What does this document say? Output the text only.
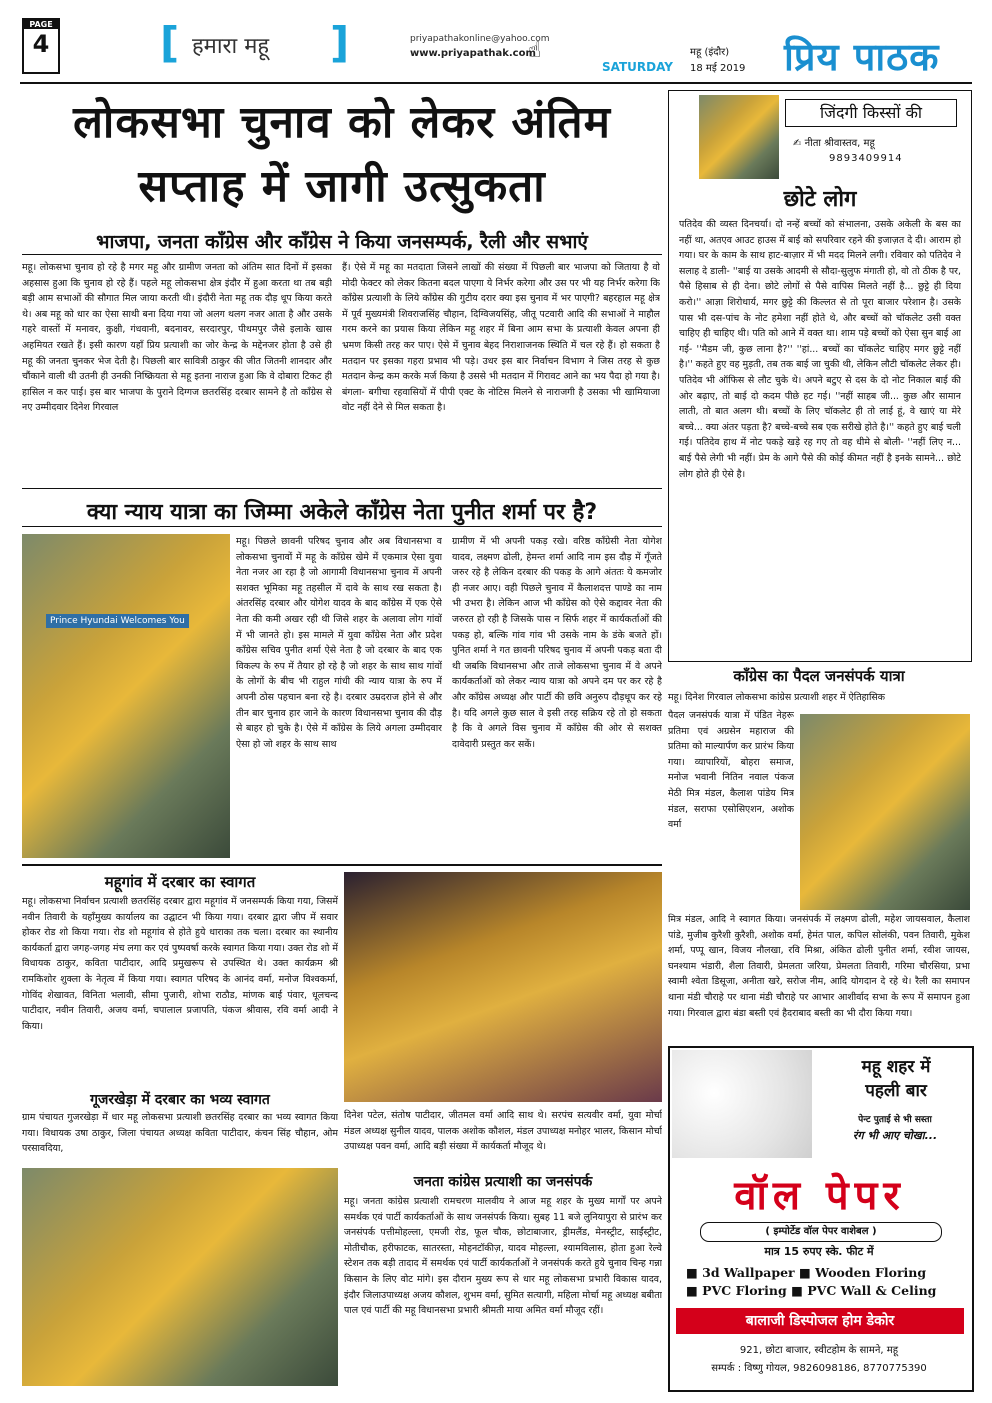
PAGE
4	[ हमारा महू ]	priyapathakonline@yahoo.com
www.priyapathak.com
☝
SATURDAY
महू (इंदौर)
18 मई 2019 प्रिय पाठक
लोकसभा चुनाव को लेकर अंतिम
सप्ताह में जागी उत्सुकता
भाजपा, जनता कॉंग्रेस और कॉंग्रेस ने किया जनसम्पर्क, रैली और सभाएं
महू। लोकसभा चुनाव हो रहे है मगर महू और ग्रामीण जनता को अंतिम सात दिनों में इसका अहसास हुआ कि चुनाव हो रहे हैं। पहले महू लोकसभा क्षेत्र इंदौर में हुआ करता था तब बड़ी बड़ी आम सभाओं की सौगात मिल जाया करती थी। इंदौरी नेता महू तक दौड़ धूप किया करते थे। अब महू को धार का ऐसा साथी बना दिया गया जो अलग थलग नजर आता है और उसके गहरे वास्तों में मनावर, कुक्षी, गंधवानी, बदनावर, सरदारपुर, पीथमपुर जैसे इलाके खास अहमियत रखते हैं। इसी कारण यहाँ प्रिय प्रत्याशी का जोर केन्द्र के मद्देनजर होता है उसे ही महू की जनता चुनकर भेज देती है। पिछली बार सावित्री ठाकुर की जीत जितनी शानदार और चौंकाने वाली थी उतनी ही उनकी निष्क्रियता से महू इतना नाराज हुआ कि वे दोबारा टिकट ही हासिल न कर पाई। इस बार भाजपा के पुराने दिग्गज छतरसिंह दरबार सामने है तो कॉंग्रेस से नए उम्मीदवार दिनेश गिरवाल
हैं। ऐसे में महू का मतदाता जिसने लाखों की संख्या में पिछली बार भाजपा को जिताया है वो मोदी फेक्टर को लेकर कितना बदल पाएगा ये निर्भर करेगा और उस पर भी यह निर्भर करेगा कि कॉंग्रेस प्रत्याशी के लिये कॉंग्रेस की गुटीय दरार क्या इस चुनाव में भर पाएगी? बहरहाल महू क्षेत्र में पूर्व मुख्यमंत्री शिवराजसिंह चौहान, दिग्विजयसिंह, जीतू पटवारी आदि की सभाओं ने माहौल गरम करने का प्रयास किया लेकिन महू शहर में बिना आम सभा के प्रत्याशी केवल अपना ही भ्रमण किसी तरह कर पाए। ऐसे में चुनाव बेहद निराशाजनक स्थिति में चल रहे हैं। हो सकता है मतदान पर इसका गहरा प्रभाव भी पड़े। उधर इस बार निर्वाचन विभाग ने जिस तरह से कुछ मतदान केन्द्र कम करके मर्ज किया है उससे भी मतदान में गिरावट आने का भय पैदा हो गया है। बंगला- बगीचा रहवासियों में पीपी एक्ट के नोटिस मिलने से नाराजगी है उसका भी खामियाजा वोट नहीं देने से मिल सकता है।
क्या न्याय यात्रा का जिम्मा अकेले कॉंग्रेस नेता पुनीत शर्मा पर है?
Prince Hyundai Welcomes You
महू। पिछले छावनी परिषद चुनाव और अब विधानसभा व लोकसभा चुनावों में महू के कॉंग्रेस खेमे में एकमात्र ऐसा युवा नेता नजर आ रहा है जो आगामी विधानसभा चुनाव में अपनी सशक्त भूमिका महू तहसील में दावे के साथ रख सकता है। अंतरसिंह दरबार और योगेश यादव के बाद कॉंग्रेस में एक ऐसे नेता की कमी अखर रही थी जिसे शहर के अलावा लोग गांवों में भी जानते हो। इस मामले में युवा कॉंग्रेस नेता और प्रदेश कॉंग्रेस सचिव पुनीत शर्मा ऐसे नेता है जो दरबार के बाद एक विकल्प के रुप में तैयार हो रहे है जो शहर के साथ साथ गांवों के लोगों के बीच भी राहुल गांधी की न्याय यात्रा के रुप में अपनी ठोस पहचान बना रहे है। दरबार उम्रदराज होने से और तीन बार चुनाव हार जाने के कारण विधानसभा चुनाव की दौड़ से बाहर हो चुके है। ऐसे में कॉंग्रेस के लिये अगला उम्मीदवार ऐसा हो जो शहर के साथ साथ
ग्रामीण में भी अपनी पकड़ रखे। वरिष्ठ कॉंग्रेसी नेता योगेश यादव, लक्ष्मण ढोली, हेमन्त शर्मा आदि नाम इस दौड़ में गूँजते जरुर रहे है लेकिन दरबार की पकड़ के आगे अंततः ये कमजोर ही नजर आए। वही पिछले चुनाव में कैलाशदत्त पाण्डे का नाम भी उभरा है। लेकिन आज भी कॉंग्रेस को ऐसे कद्दावर नेता की जरुरत हो रही है जिसके पास न सिर्फ शहर में कार्यकर्ताओं की पकड़ हो, बल्कि गांव गांव भी उसके नाम के डंके बजते हों। पुनित शर्मा ने गत छावनी परिषद चुनाव में अपनी पकड़ बता दी थी जबकि विधानसभा और ताजे लोकसभा चुनाव में वे अपने कार्यकर्ताओं को लेकर न्याय यात्रा को अपने दम पर कर रहे है और कॉंग्रेस अध्यक्ष और पार्टी की छवि अनुरुप दौड़धूप कर रहे है। यदि अगले कुछ साल वे इसी तरह सक्रिय रहे तो हो सकता है कि वे अगले विस चुनाव में कॉंग्रेस की ओर से सशक्त दावेदारी प्रस्तुत कर सकें।
जिंदगी किस्सों की
✍ नीता श्रीवास्तव, महू
9893409914
छोटे लोग
पतिदेव की व्यस्त दिनचर्या। दो नन्हें बच्चों को संभालना, उसके अकेली के बस का नहीं था, अतएव आउट हाउस में बाई को सपरिवार रहने की इजाज़त दे दी। आराम हो गया। घर के काम के साथ हाट-बाज़ार में भी मदद मिलने लगी। रविवार को पतिदेव ने सलाह दे डाली- ''बाई या उसके आदमी से सौदा-सुलुफ मंगाती हो, वो तो ठीक है पर, पैसे हिसाब से ही देना। छोटे लोगों से पैसे वापिस मिलते नहीं है... छुट्टे ही दिया करो।'' आज्ञा शिरोधार्य, मगर छुट्टे की किल्लत से तो पूरा बाजार परेशान है। उसके पास भी दस-पांच के नोट हमेशा नहीं होते थे, और बच्चों को चॉकलेट उसी वक्त चाहिए ही चाहिए थी। पति को आने में वक्त था। शाम पड़े बच्चों को ऐसा सुन बाई आ गई- ''मैडम जी, कुछ लाना है?'' ''हां... बच्चों का चॉकलेट चाहिए मगर छुट्टे नहीं है।'' कहते हुए वह मुड़ती, तब तक बाई जा चुकी थी, लेकिन लौटी चॉकलेट लेकर ही। पतिदेव भी ऑफिस से लौट चुके थे। अपने बटुए से दस के दो नोट निकाल बाई की ओर बढ़ाए, तो बाई दो कदम पीछे हट गई। ''नहीं साहब जी... कुछ और सामान लाती, तो बात अलग थी। बच्चों के लिए चॉकलेट ही तो लाई हूं, वे खाएं या मेरे बच्चे... क्या अंतर पड़ता है? बच्चे-बच्चे सब एक सरीखे होते है।'' कहते हुए बाई चली गई। पतिदेव हाथ में नोट पकड़े खड़े रह गए तो वह धीमे से बोली- ''नहीं लिए न... बाई पैसे लेगी भी नहीं। प्रेम के आगे पैसे की कोई कीमत नहीं है इनके सामने... छोटे लोग होते ही ऐसे है।
कॉंग्रेस का पैदल जनसंपर्क यात्रा
महू। दिनेश गिरवाल लोकसभा कांग्रेस प्रत्याशी शहर में ऐतिहासिक
पैदल जनसंपर्क यात्रा में पंडित नेहरू प्रतिमा एवं अग्रसेन महाराज की प्रतिमा को माल्यार्पण कर प्रारंभ किया गया। व्यापारियों, बोहरा समाज, मनोज भवानी नितिन नवाल पंकज मेठी मित्र मंडल, कैलाश पांडेय मित्र मंडल, सराफा एसोसिएशन, अशोक वर्मा
मित्र मंडल, आदि ने स्वागत किया। जनसंपर्क में लक्ष्मण ढोली, महेश जायसवाल, कैलाश पांडे, मुजीब कुरैशी कुरैशी, अशोक वर्मा, हेमंत पाल, कपिल सोलंकी, पवन तिवारी, मुकेश शर्मा, पप्पू खान, विजय नौलखा, रवि मिश्रा, अंकित ढोली पुनीत शर्मा, रवीश जायस, घनश्याम भंडारी, शैला तिवारी, प्रेमलता जरिया, प्रेमलता तिवारी, गरिमा चौरसिया, प्रभा स्वामी श्वेता डिसूजा, अनीता खरे, सरोज नीम, आदि योगदान दे रहे थे। रैली का समापन थाना मंडी चौराहे पर थाना मंडी चौराहे पर आभार आशीर्वाद सभा के रूप में समापन हुआ गया। गिरवाल द्वारा बंडा बस्ती एवं हैदराबाद बस्ती का भी दौरा किया गया।
महू शहर में
पहली बार
पेन्ट पुताई से भी सस्ता
रंग भी आए चोखा...
वॉल पेपर
( इम्पोर्टेड वॉल पेपर वाशेबल )
मात्र 15 रुपए स्के. फीट में
■ 3d Wallpaper ■ Wooden Floring
■ PVC Floring ■ PVC Wall & Celing
बालाजी डिस्पोजल होम डेकोर
921, छोटा बाजार, स्वीटहोम के सामने, महू
सम्पर्क : विष्णु गोयल, 9826098186, 8770775390
महूगांव में दरबार का स्वागत
महू। लोकसभा निर्वाचन प्रत्याशी छतरसिंह दरबार द्वारा महूगांव में जनसम्पर्क किया गया, जिसमें नवीन तिवारी के यहाँमुख्य कार्यालय का उद्घाटन भी किया गया। दरबार द्वारा जीप में सवार होकर रोड शो किया गया। रोड शो महूगांव से होते हुये धाराका तक चला। दरबार का स्थानीय कार्यकर्ता द्वारा जगह-जगह मंच लगा कर एवं पुष्पवर्षा करके स्वागत किया गया। उक्त रोड शो में विधायक ठाकुर, कविता पाटीदार, आदि प्रमुखरूप से उपस्थित थे। उक्त कार्यक्रम श्री रामकिशोर शुक्ला के नेतृत्व में किया गया। स्वागत परिषद के आनंद वर्मा, मनोज विश्वकर्मा, गोविंद शेखावत, विनिता भलावी, सीमा पुजारी, शोभा राठौड, मांणक बाई पंवार, धूलचन्द पाटीदार, नवीन तिवारी, अजय वर्मा, चपालाल प्रजापति, पंकज श्रीवास, रवि वर्मा आदी ने किया।
गूजरखेड़ा में दरबार का भव्य स्वागत
ग्राम पंचायत गुजरखेड़ा में धार महू लोकसभा प्रत्याशी छतरसिंह दरबार का भव्य स्वागत किया गया। विधायक उषा ठाकुर, जिला पंचायत अध्यक्ष कविता पाटीदार, कंचन सिंह चौहान, ओम परसावदिया,
दिनेश पटेल, संतोष पाटीदार, जीतमल वर्मा आदि साथ थे। सरपंच सत्यवीर वर्मा, युवा मोर्चा मंडल अध्यक्ष सुनील यादव, पालक अशोक कौशल, मंडल उपाध्यक्ष मनोहर भालर, किसान मोर्चा उपाध्यक्ष पवन वर्मा, आदि बड़ी संख्या में कार्यकर्ता मौजूद थे।
जनता कांग्रेस प्रत्याशी का जनसंपर्क
महू। जनता कांग्रेस प्रत्याशी रामचरण मालवीय ने आज महू शहर के मुख्य मार्गों पर अपने समर्थक एवं पार्टी कार्यकर्ताओं के साथ जनसंपर्क किया। सुबह 11 बजे लुनियापुरा से प्रारंभ कर जनसंपर्क पत्तीमोहल्ला, एमजी रोड, फूल चौक, छोटाबाजार, ड्रीमलैंड, मेनस्ट्रीट, साईंस्ट्रीट, मोतीचौक, हरीफाटक, सातरस्ता, मोहनटॉकीज़, यादव मोहल्ला, श्यामविलास, होता हुआ रेल्वे स्टेशन तक बड़ी तादाद में समर्थक एवं पार्टी कार्यकर्ताओं ने जनसंपर्क करते हुये चुनाव चिन्ह गन्ना किसान के लिए वोट मांगे। इस दौरान मुख्य रूप से धार महू लोकसभा प्रभारी विकास यादव, इंदौर जिलाउपाध्यक्ष अजय कौशल, शुभम वर्मा, सुमित सत्यागी, महिला मोर्चा महू अध्यक्ष बबीता पाल एवं पार्टी की महू विधानसभा प्रभारी श्रीमती माया अमित वर्मा मौजूद रहीं।
